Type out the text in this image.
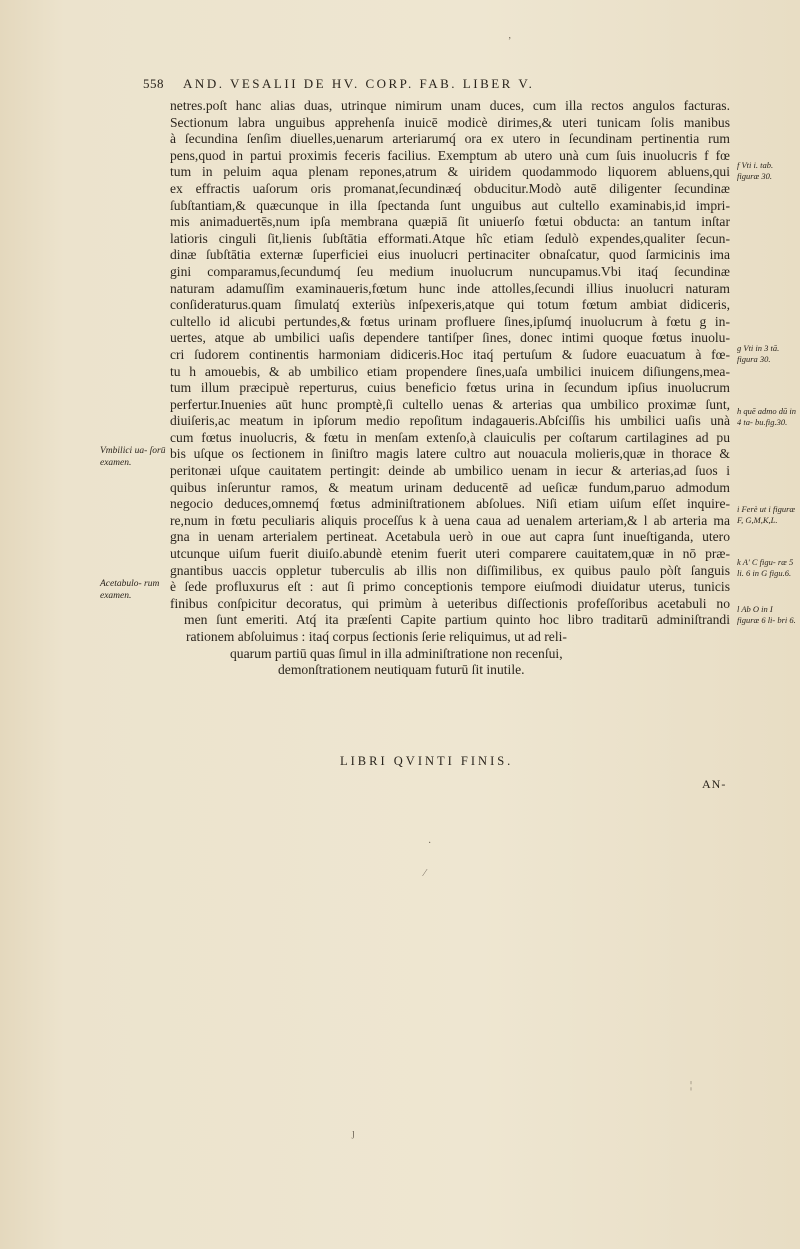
558 AND. VESALII DE HV. CORP. FAB. LIBER V.
netres.poſt hanc alias duas, utrinque nimirum unam duces, cum illa rectos angulos facturas.
Sectionum labra unguibus apprehenſa inuicē modicè dirimes,& uteri tunicam ſolis manibus
à ſecundina ſenſim diuelles,uenarum arteriarumq́ ora ex utero in ſecundinam pertinentia rum
pens,quod in partui proximis feceris facilius. Exemptum ab utero unà cum ſuis inuolucris f fœ
tum in peluim aqua plenam repones,atrum & uiridem quodammodo liquorem abluens,qui
ex effractis uaſorum oris promanat,ſecundinæq́ obducitur.Modò autē diligenter ſecundinæ
ſubſtantiam,& quæcunque in illa ſpectanda ſunt unguibus aut cultello examinabis,id impri-
mis animaduertēs,num ipſa membrana quæpiā ſit uniuerſo fœtui obducta: an tantum inſtar
latioris cinguli ſit,lienis ſubſtātia efformati.Atque hîc etiam ſedulò expendes,qualiter ſecun-
dinæ ſubſtātia externæ ſuperficiei eius inuolucri pertinaciter obnaſcatur, quod ſarmicinis ima
gini comparamus,ſecundumq́ ſeu medium inuolucrum nuncupamus.Vbi itaq́ ſecundinæ
naturam adamuſſim examinaueris,fœtum hunc inde attolles,ſecundi illius inuolucri naturam
conſideraturus.quam ſimulatq́ exteriùs inſpexeris,atque qui totum fœtum ambiat didiceris,
cultello id alicubi pertundes,& fœtus urinam profluere ſines,ipſumq́ inuolucrum à fœtu g in-
uertes, atque ab umbilici uaſis dependere tantiſper ſines, donec intimi quoque fœtus inuolu-
cri ſudorem continentis harmoniam didiceris.Hoc itaq́ pertuſum & ſudore euacuatum à fœ-
tu h amouebis, & ab umbilico etiam propendere ſines,uaſa umbilici inuicem diſiungens,mea-
tum illum præcipuè reperturus, cuius beneficio fœtus urina in ſecundum ipſius inuolucrum
perfertur.Inuenies aūt hunc promptè,ſi cultello uenas & arterias qua umbilico proximæ ſunt,
diuiſeris,ac meatum in ipſorum medio repoſitum indagaueris.Abſciſſis his umbilici uaſis unà
cum fœtus inuolucris, & fœtu in menſam extenſo,à clauiculis per coſtarum cartilagines ad pu
bis uſque os ſectionem in ſiniſtro magis latere cultro aut nouacula molieris,quæ in thorace &
peritonæi uſque cauitatem pertingit: deinde ab umbilico uenam in iecur & arterias,ad ſuos i
quibus inſeruntur ramos, & meatum urinam deducentē ad ueſicæ fundum,paruo admodum
negocio deduces,omnemq́ fœtus adminiſtrationem abſolues. Niſi etiam uiſum eſſet inquire-
re,num in fœtu peculiaris aliquis proceſſus k à uena caua ad uenalem arteriam,& l ab arteria ma
gna in uenam arterialem pertineat. Acetabula uerò in oue aut capra ſunt inueſtiganda, utero
utcunque uiſum fuerit diuiſo.abundè etenim fuerit uteri comparere cauitatem,quæ in nō præ-
gnantibus uaccis oppletur tuberculis ab illis non diſſimilibus, ex quibus paulo pòſt ſanguis
è ſede profluxurus eſt : aut ſi primo conceptionis tempore eiuſmodi diuidatur uterus, tunicis
finibus conſpicitur decoratus, qui primùm à ueteribus diſſectionis profeſſoribus acetabuli no
men ſunt emeriti. Atq́ ita præſenti Capite partium quinto hoc libro traditarū adminiſtrandi
rationem abſoluimus : itaq́ corpus ſectionis ſerie reliquimus, ut ad reli-
quarum partiū quas ſimul in illa adminiſtratione non recenſui,
demonſtrationem neutiquam futurū ſit inutile.
LIBRI QVINTI FINIS.
AN-
Vmbilici ua- ſorū examen.
Acetabulo- rum examen.
f Vti i. tab. figuræ 30.
g Vti in 3 tā. figura 30.
h quē admo dū in 4 ta- bu.fig.30.
i Ferè ut i figuræ F, G,M,K,L.
k A' C figu- ræ 5 li. 6 in G figu.6.
l Ab O in I figuræ 6 li- bri 6.
‚
·
⁄
ȷ
¦
